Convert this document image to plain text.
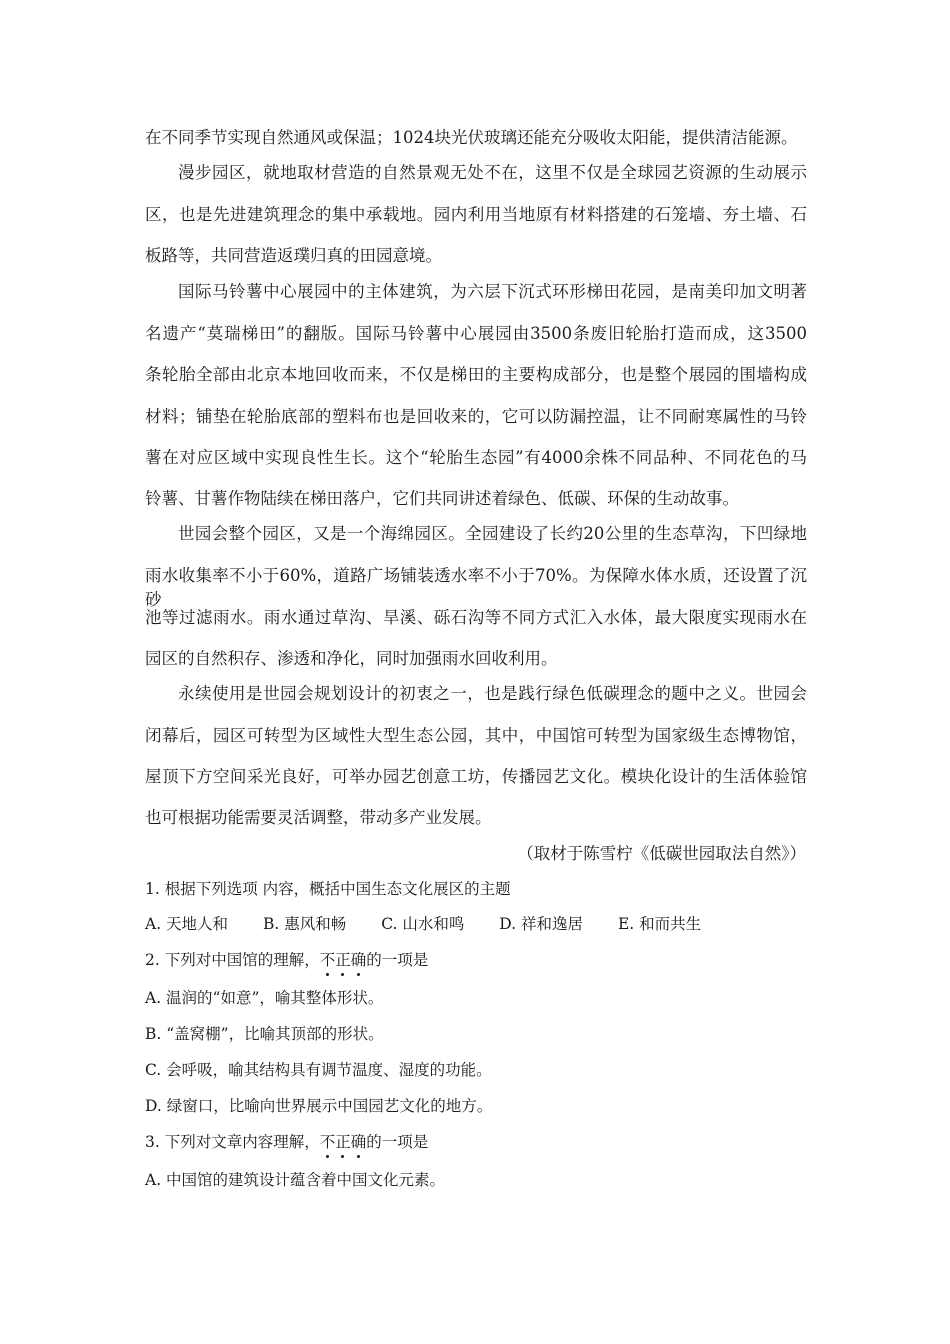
在不同季节实现自然通风或保温；1024块光伏玻璃还能充分吸收太阳能，提供清洁能源。
漫步园区，就地取材营造的自然景观无处不在，这里不仅是全球园艺资源的生动展示
区，也是先进建筑理念的集中承载地。园内利用当地原有材料搭建的石笼墙、夯土墙、石
板路等，共同营造返璞归真的田园意境。
国际马铃薯中心展园中的主体建筑，为六层下沉式环形梯田花园，是南美印加文明著
名遗产“莫瑞梯田”的翻版。国际马铃薯中心展园由3500条废旧轮胎打造而成，这3500
条轮胎全部由北京本地回收而来，不仅是梯田的主要构成部分，也是整个展园的围墙构成
材料；铺垫在轮胎底部的塑料布也是回收来的，它可以防漏控温，让不同耐寒属性的马铃
薯在对应区域中实现良性生长。这个“轮胎生态园”有4000余株不同品种、不同花色的马
铃薯、甘薯作物陆续在梯田落户，它们共同讲述着绿色、低碳、环保的生动故事。
世园会整个园区，又是一个海绵园区。全园建设了长约20公里的生态草沟，下凹绿地
雨水收集率不小于60%，道路广场铺装透水率不小于70%。为保障水体水质，还设置了沉砂
池等过滤雨水。雨水通过草沟、旱溪、砾石沟等不同方式汇入水体，最大限度实现雨水在
园区的自然积存、渗透和净化，同时加强雨水回收利用。
永续使用是世园会规划设计的初衷之一，也是践行绿色低碳理念的题中之义。世园会
闭幕后，园区可转型为区域性大型生态公园，其中，中国馆可转型为国家级生态博物馆，
屋顶下方空间采光良好，可举办园艺创意工坊，传播园艺文化。模块化设计的生活体验馆
也可根据功能需要灵活调整，带动多产业发展。
（取材于陈雪柠《低碳世园取法自然》）
1. 根据下列选项 内容，概括中国生态文化展区的主题
A. 天地人和 B. 惠风和畅 C. 山水和鸣 D. 祥和逸居 E. 和而共生
2. 下列对中国馆的理解，不正确的一项是
A. 温润的“如意”，喻其整体形状。
B. “盖窝棚”，比喻其顶部的形状。
C. 会呼吸，喻其结构具有调节温度、湿度的功能。
D. 绿窗口，比喻向世界展示中国园艺文化的地方。
3. 下列对文章内容理解，不正确的一项是
A. 中国馆的建筑设计蕴含着中国文化元素。
